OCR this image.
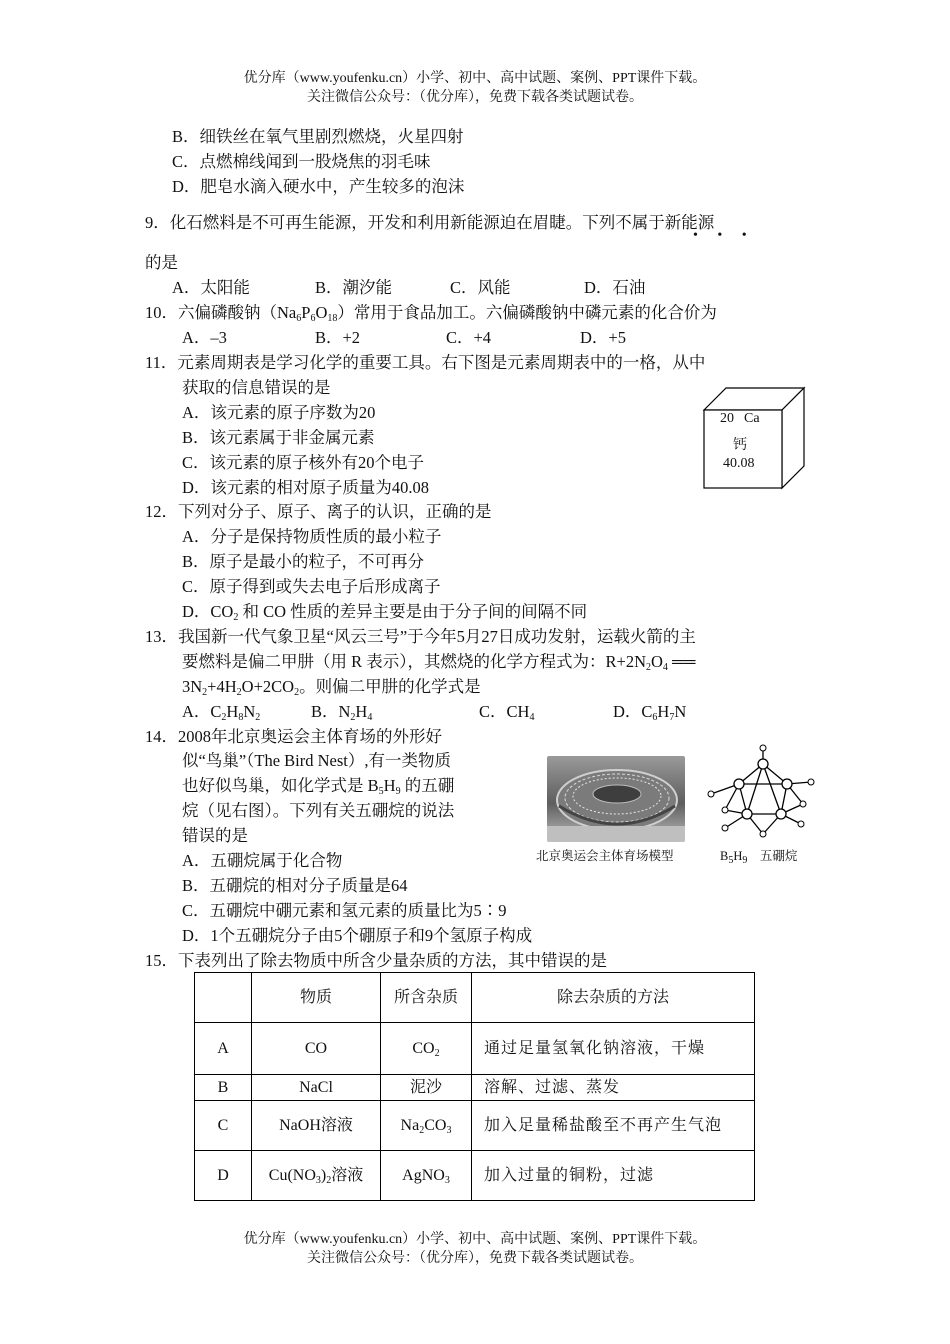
优分库（www.youfenku.cn）小学、初中、高中试题、案例、PPT课件下载。
关注微信公众号：（优分库），免费下载各类试题试卷。
B．细铁丝在氧气里剧烈燃烧，火星四射
C．点燃棉线闻到一股烧焦的羽毛味
D．肥皂水滴入硬水中，产生较多的泡沫
9．化石燃料是不可再生能源，开发和利用新能源迫在眉睫。下列不属于新能源
• • •
的是
A．太阳能	B．潮汐能	C．风能	D．石油
10．六偏磷酸钠$(Na_6P_6O_{18})$常用于食品加工。六偏磷酸钠中磷元素的化合价为
A．–3	B．+2	C．+4	D．+5
11．元素周期表是学习化学的重要工具。右下图是元素周期表中的一格，从中
获取的信息错误的是
A．该元素的原子序数为20
B．该元素属于非金属元素
C．该元素的原子核外有20个电子
D．该元素的相对原子质量为40.08
20 Ca
钙
40.08
12．下列对分子、原子、离子的认识，正确的是
A．分子是保持物质性质的最小粒子
B．原子是最小的粒子，不可再分
C．原子得到或失去电子后形成离子
D．$CO_2$ 和 CO 性质的差异主要是由于分子间的间隔不同
13．我国新一代气象卫星“风云三号”于今年5月27日成功发射，运载火箭的主
要燃料是偏二甲肼（用 R 表示），其燃烧的化学方程式为：$R+2N_2O_4$ ══
$3N_2+4H_2O+2CO_2$。则偏二甲肼的化学式是
A．$C_2H_8N_2$	B．$N_2H_4$	C．$CH_4$	D．$C_6H_7N$
14．2008年北京奥运会主体育场的外形好
似“鸟巢”（The Bird Nest）,有一类物质
也好似鸟巢，如化学式是 $B_5H_9$ 的五硼
烷（见右图）。下列有关五硼烷的说法
错误的是
A．五硼烷属于化合物
B．五硼烷的相对分子质量是64
C．五硼烷中硼元素和氢元素的质量比为5∶9
D．1个五硼烷分子由5个硼原子和9个氢原子构成
北京奥运会主体育场模型	$B_5H_9$　五硼烷
15．下表列出了除去物质中所含少量杂质的方法，其中错误的是
	物质	所含杂质	除去杂质的方法
A	CO	$CO_2$	通过足量氢氧化钠溶液，干燥
B	NaCl	泥沙	溶解、过滤、蒸发
C	NaOH溶液	$Na_2CO_3$	加入足量稀盐酸至不再产生气泡
D	$Cu(NO_3)_2$溶液	AgNO$_3$	加入过量的铜粉，过滤
优分库（www.youfenku.cn）小学、初中、高中试题、案例、PPT课件下载。
关注微信公众号：（优分库），免费下载各类试题试卷。
